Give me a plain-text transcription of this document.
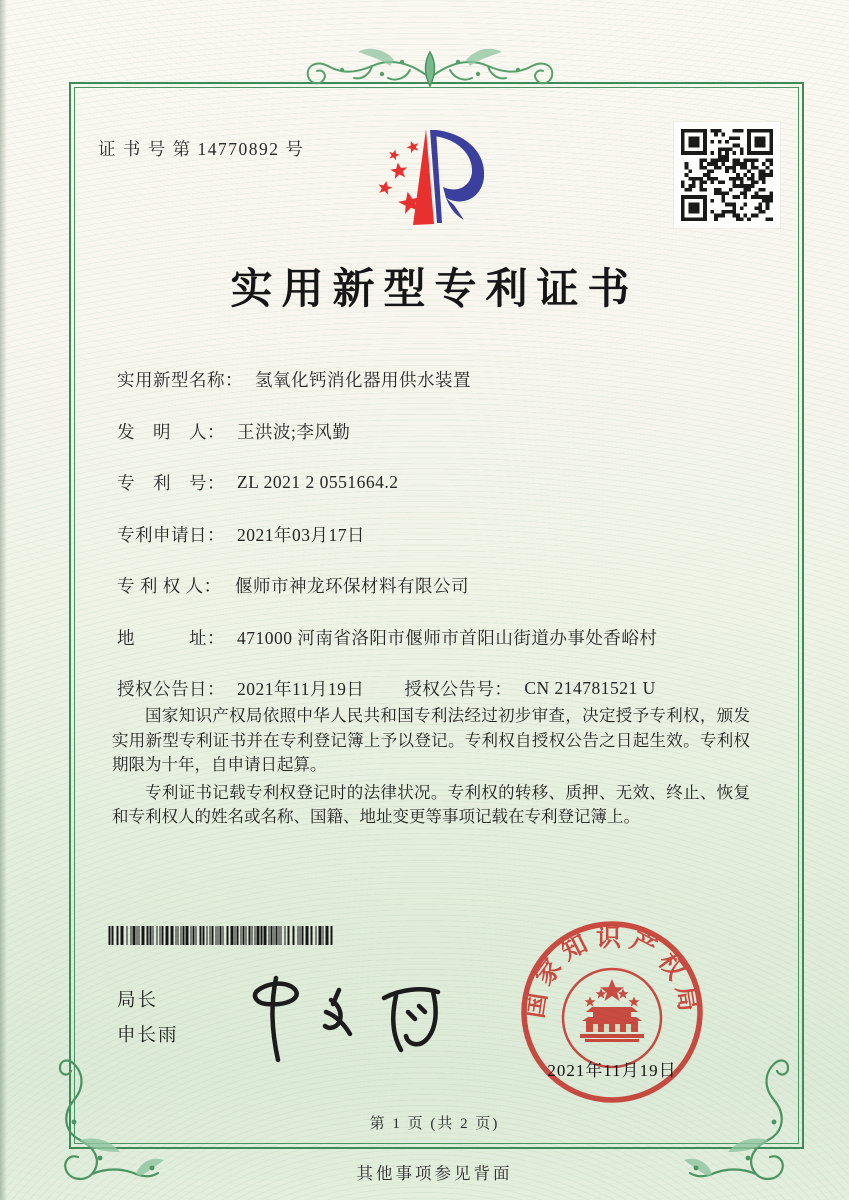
证 书 号 第 14770892 号
实用新型专利证书
实用新型名称： 氢氧化钙消化器用供水装置
发　明　人： 王洪波;李风勤
专　利　号： ZL 2021 2 0551664.2
专利申请日： 2021年03月17日
专 利 权 人： 偃师市神龙环保材料有限公司
地　　　址： 471000 河南省洛阳市偃师市首阳山街道办事处香峪村
授权公告日： 2021年11月19日 授权公告号： CN 214781521 U

国家知识产权局依照中华人民共和国专利法经过初步审查，决定授予专利权，颁发实用新型专利证书并在专利登记簿上予以登记。专利权自授权公告之日起生效。专利权期限为十年，自申请日起算。

专利证书记载专利权登记时的法律状况。专利权的转移、质押、无效、终止、恢复和专利权人的姓名或名称、国籍、地址变更等事项记载在专利登记簿上。

局长
申长雨
国家知识产权局
2021年11月19日
第 1 页 (共 2 页)
其他事项参见背面
